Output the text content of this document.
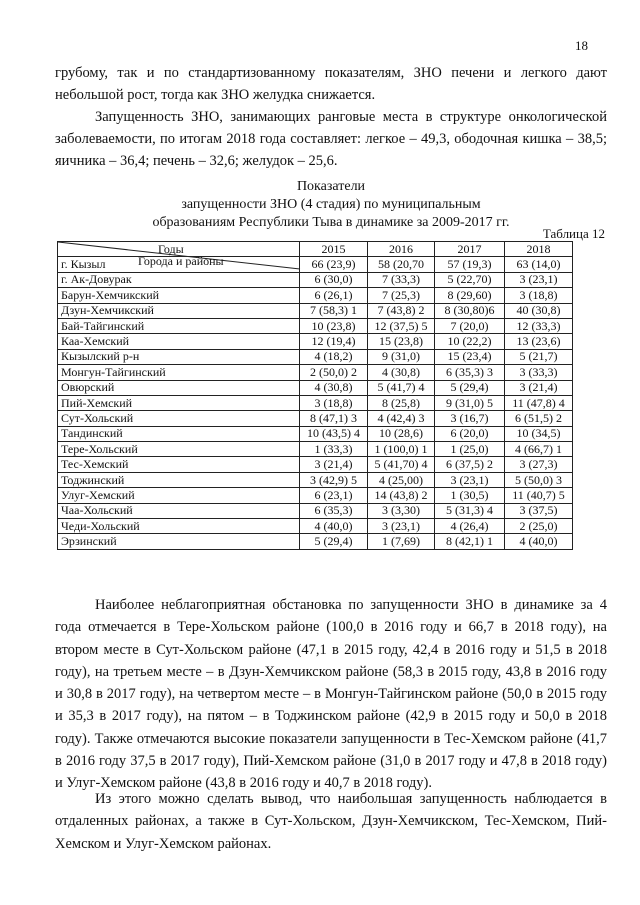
18

грубому, так и по стандартизованному показателям, ЗНО печени и легкого дают небольшой рост, тогда как ЗНО желудка снижается.

Запущенность ЗНО, занимающих ранговые места в структуре онкологической заболеваемости, по итогам 2018 года составляет: легкое – 49,3, ободочная кишка – 38,5; яичника – 36,4; печень – 32,6; желудок – 25,6.

Показатели
запущенности ЗНО (4 стадия) по муниципальным
образованиям Республики Тыва в динамике за 2009-2017 гг.
Таблица 12
Годы
Города и районы	2015	2016	2017	2018
г. Кызыл	66 (23,9)	58 (20,70	57 (19,3)	63 (14,0)
г. Ак-Довурак	6 (30,0)	7 (33,3)	5 (22,70)	3 (23,1)
Барун-Хемчикский	6 (26,1)	7 (25,3)	8 (29,60)	3 (18,8)
Дзун-Хемчикский	7 (58,3) 1	7 (43,8) 2	8 (30,80)6	40 (30,8)
Бай-Тайгинский	10 (23,8)	12 (37,5) 5	7 (20,0)	12 (33,3)
Каа-Хемский	12 (19,4)	15 (23,8)	10 (22,2)	13 (23,6)
Кызылский р-н	4 (18,2)	9 (31,0)	15 (23,4)	5 (21,7)
Монгун-Тайгинский	2 (50,0) 2	4 (30,8)	6 (35,3) 3	3 (33,3)
Овюрский	4 (30,8)	5 (41,7) 4	5 (29,4)	3 (21,4)
Пий-Хемский	3 (18,8)	8 (25,8)	9 (31,0) 5	11 (47,8) 4
Сут-Хольский	8 (47,1) 3	4 (42,4) 3	3 (16,7)	6 (51,5) 2
Тандинский	10 (43,5) 4	10 (28,6)	6 (20,0)	10 (34,5)
Тере-Хольский	1 (33,3)	1 (100,0) 1	1 (25,0)	4 (66,7) 1
Тес-Хемский	3 (21,4)	5 (41,70) 4	6 (37,5) 2	3 (27,3)
Тоджинский	3 (42,9) 5	4 (25,00)	3 (23,1)	5 (50,0) 3
Улуг-Хемский	6 (23,1)	14 (43,8) 2	1 (30,5)	11 (40,7) 5
Чаа-Хольский	6 (35,3)	3 (3,30)	5 (31,3) 4	3 (37,5)
Чеди-Хольский	4 (40,0)	3 (23,1)	4 (26,4)	2 (25,0)
Эрзинский	5 (29,4)	1 (7,69)	8 (42,1) 1	4 (40,0)

Наиболее неблагоприятная обстановка по запущенности ЗНО в динамике за 4 года отмечается в Тере-Хольском районе (100,0 в 2016 году и 66,7 в 2018 году), на втором месте в Сут-Хольском районе (47,1 в 2015 году, 42,4 в 2016 году и 51,5 в 2018 году), на третьем месте – в Дзун-Хемчикском районе (58,3 в 2015 году, 43,8 в 2016 году и 30,8 в 2017 году), на четвертом месте – в Монгун-Тайгинском районе (50,0 в 2015 году и 35,3 в 2017 году), на пятом – в Тоджинском районе (42,9 в 2015 году и 50,0 в 2018 году). Также отмечаются высокие показатели запущенности в Тес-Хемском районе (41,7 в 2016 году 37,5 в 2017 году), Пий-Хемском районе (31,0 в 2017 году и 47,8 в 2018 году) и Улуг-Хемском районе (43,8 в 2016 году и 40,7 в 2018 году).

Из этого можно сделать вывод, что наибольшая запущенность наблюдается в отдаленных районах, а также в Сут-Хольском, Дзун-Хемчикском, Тес-Хемском, Пий-Хемском и Улуг-Хемском районах.
